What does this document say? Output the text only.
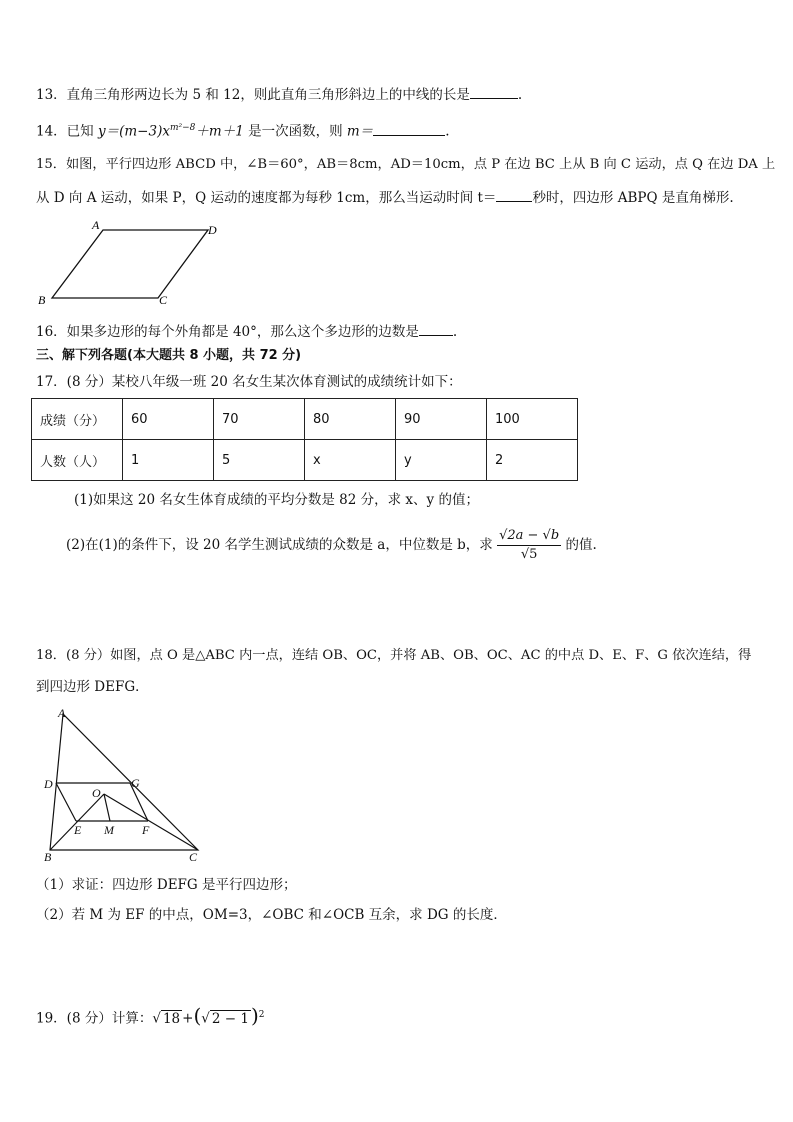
13．直角三角形两边长为 5 和 12，则此直角三角形斜边上的中线的长是	.
14．已知 $y=(m-3)x^{m^2-8}+m+1$ 是一次函数，则 m＝	.
15．如图，平行四边形 ABCD 中，∠B＝60°，AB＝8cm，AD＝10cm，点 P 在边 BC 上从 B 向 C 运动，点 Q 在边 DA 上
从 D 向 A 运动，如果 P，Q 运动的速度都为每秒 1cm，那么当运动时间 t＝	秒时，四边形 ABPQ 是直角梯形.
A	D
B	C
16．如果多边形的每个外角都是 40°，那么这个多边形的边数是	.
三、解下列各题(本大题共 8 小题，共 72 分)
17．(8 分）某校八年级一班 20 名女生某次体育测试的成绩统计如下：
成绩（分）	60	70	80	90	100
人数（人）	1	5	x	y	2
(1)如果这 20 名女生体育成绩的平均分数是 82 分，求 x、y 的值；
(2)在(1)的条件下，设 20 名学生测试成绩的众数是 a，中位数是 b，求 $\frac{√2a - √b}{√5}$ 的值.
18．(8 分）如图，点 O 是△ABC 内一点，连结 OB、OC，并将 AB、OB、OC、AC 的中点 D、E、F、G 依次连结，得
到四边形 DEFG．
A
D	G
O
E M F
B	C
（1）求证：四边形 DEFG 是平行四边形；
（2）若 M 为 EF 的中点，OM=3，∠OBC 和∠OCB 互余，求 DG 的长度．
19．(8 分）计算：√ 18 +(√ 2 − 1 )$^2$
